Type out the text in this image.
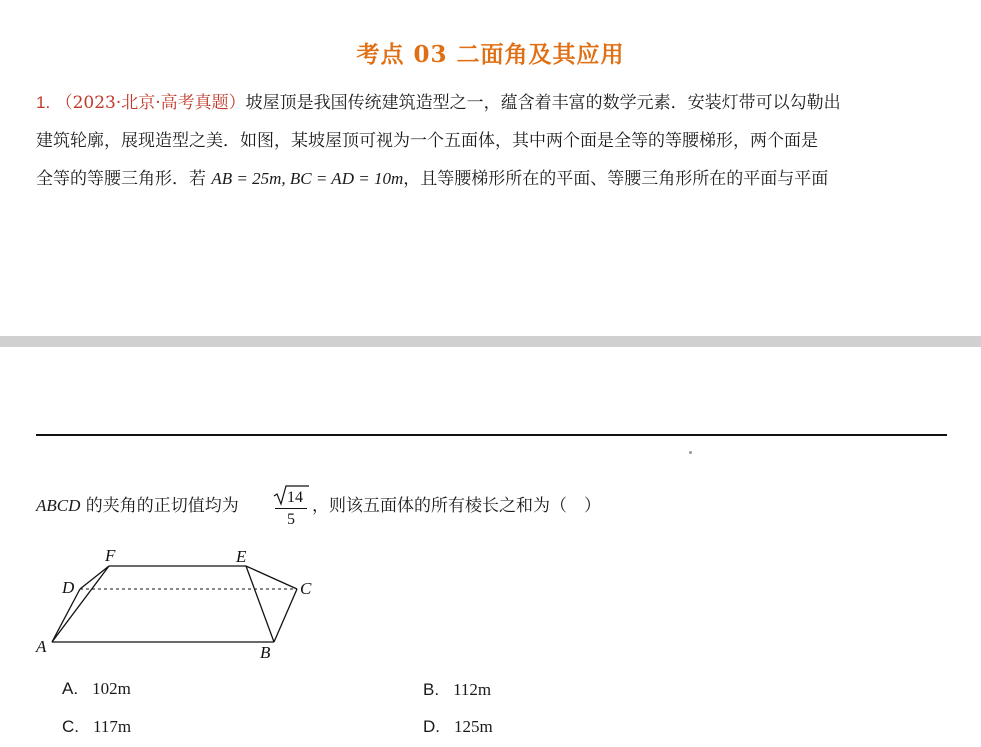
考点 03 二面角及其应用
1. （2023·北京·高考真题）坡屋顶是我国传统建筑造型之一，蕴含着丰富的数学元素．安装灯带可以勾勒出
建筑轮廓，展现造型之美．如图，某坡屋顶可视为一个五面体，其中两个面是全等的等腰梯形，两个面是
全等的等腰三角形．若 AB = 25m, BC = AD = 10m，且等腰梯形所在的平面、等腰三角形所在的平面与平面
ABCD 的夹角的正切值均为	14
5
，则该五面体的所有棱长之和为（　）
A	B
C
D
E
F
A. 102m	B. 112m
C. 117m	D. 125m
